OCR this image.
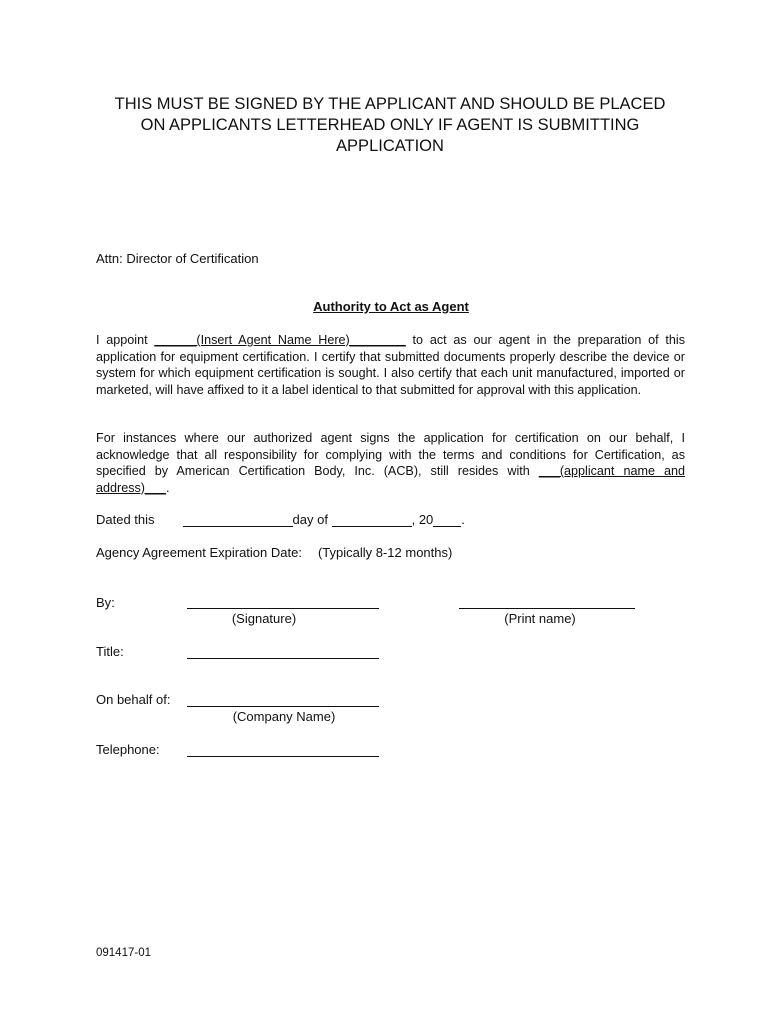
THIS MUST BE SIGNED BY THE APPLICANT AND SHOULD BE PLACED
ON APPLICANTS LETTERHEAD ONLY IF AGENT IS SUBMITTING
APPLICATION
Attn: Director of Certification
Authority to Act as Agent
I appoint ______(Insert Agent Name Here)________ to act as our agent in the preparation of this application for equipment certification. I certify that submitted documents properly describe the device or system for which equipment certification is sought. I also certify that each unit manufactured, imported or marketed, will have affixed to it a label identical to that submitted for approval with this application.
For instances where our authorized agent signs the application for certification on our behalf, I acknowledge that all responsibility for complying with the terms and conditions for Certification, as specified by American Certification Body, Inc. (ACB), still resides with ___(applicant name and address)___.
Dated this	day of	, 20 .
Agency Agreement Expiration Date: (Typically 8-12 months)
By:
(Signature)	(Print name)
Title:
On behalf of:
(Company Name)
Telephone:
091417-01
